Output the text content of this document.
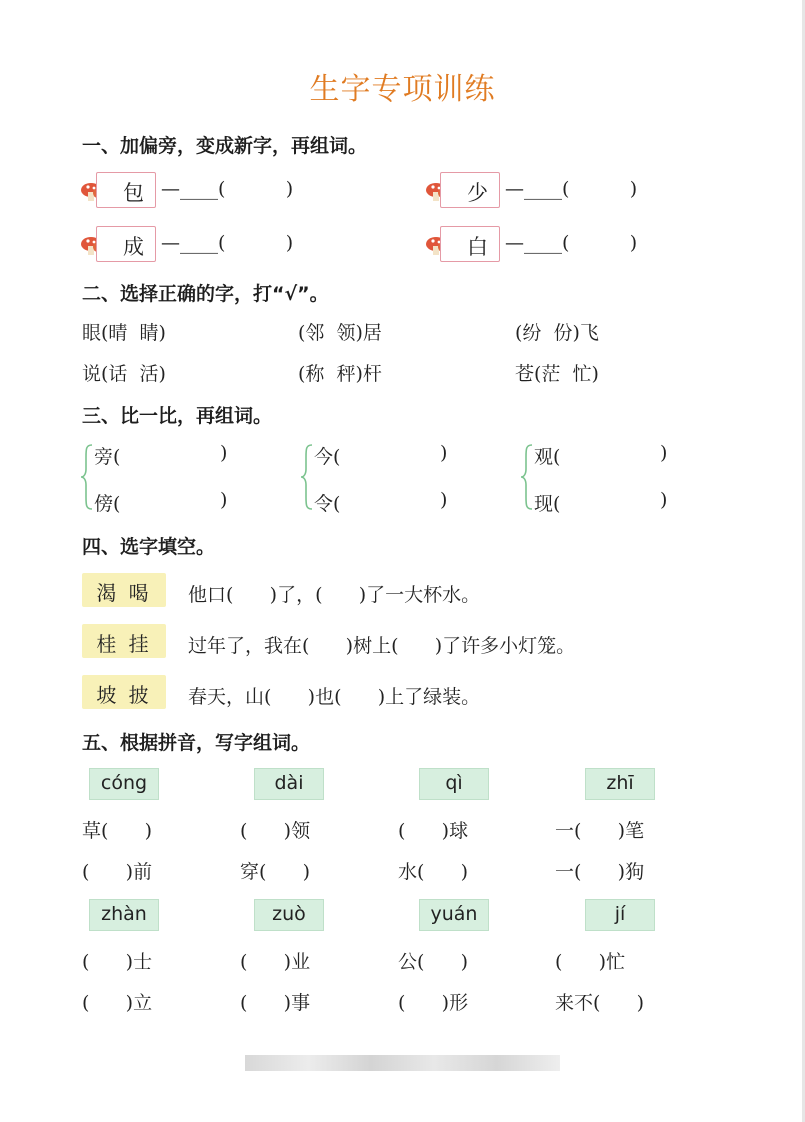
生字专项训练
一、加偏旁，变成新字，再组词。
包 —____(          )	少 —____(          )
成 —____(          )	白 —____(          )
二、选择正确的字，打“√”。
眼(晴  睛)	(邻  领)居	(纷  份)飞
说(话  活)	(称  秤)杆	苍(茫  忙)
三、比一比，再组词。
旁(	)
傍(	)
今(	)
令(	)
观(	)
现(	)
四、选字填空。
渴 喝	他口(      )了，(      )了一大杯水。
桂 挂	过年了，我在(      )树上(      )了许多小灯笼。
坡 披	春天，山(      )也(      )上了绿装。
五、根据拼音，写字组词。
cóng	dài	qì	zhī
草(      )	(      )领	(      )球	一(      )笔
(      )前	穿(      )	水(      )	一(      )狗
zhàn	zuò	yuán	jí
(      )士	(      )业	公(      )	(      )忙
(      )立	(      )事	(      )形	来不(      )
